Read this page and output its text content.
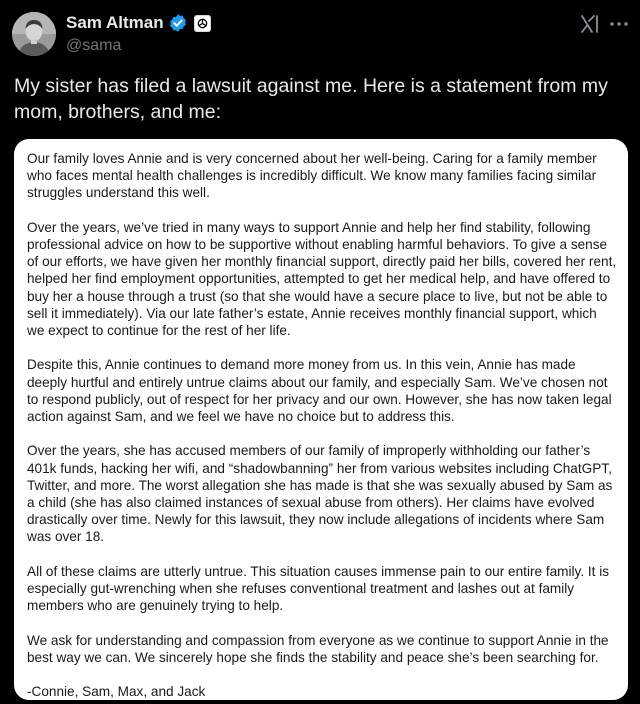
Sam Altman
@sama

My sister has filed a lawsuit against me. Here is a statement from my mom, brothers, and me:

Our family loves Annie and is very concerned about her well-being. Caring for a family member who faces mental health challenges is incredibly difficult. We know many families facing similar struggles understand this well.

Over the years, we’ve tried in many ways to support Annie and help her find stability, following professional advice on how to be supportive without enabling harmful behaviors. To give a sense of our efforts, we have given her monthly financial support, directly paid her bills, covered her rent, helped her find employment opportunities, attempted to get her medical help, and have offered to buy her a house through a trust (so that she would have a secure place to live, but not be able to sell it immediately). Via our late father’s estate, Annie receives monthly financial support, which we expect to continue for the rest of her life.

Despite this, Annie continues to demand more money from us. In this vein, Annie has made deeply hurtful and entirely untrue claims about our family, and especially Sam. We’ve chosen not to respond publicly, out of respect for her privacy and our own. However, she has now taken legal action against Sam, and we feel we have no choice but to address this.

Over the years, she has accused members of our family of improperly withholding our father’s 401k funds, hacking her wifi, and “shadowbanning” her from various websites including ChatGPT, Twitter, and more. The worst allegation she has made is that she was sexually abused by Sam as a child (she has also claimed instances of sexual abuse from others). Her claims have evolved drastically over time. Newly for this lawsuit, they now include allegations of incidents where Sam was over 18.

All of these claims are utterly untrue. This situation causes immense pain to our entire family. It is especially gut-wrenching when she refuses conventional treatment and lashes out at family members who are genuinely trying to help.

We ask for understanding and compassion from everyone as we continue to support Annie in the best way we can. We sincerely hope she finds the stability and peace she’s been searching for.

-Connie, Sam, Max, and Jack
